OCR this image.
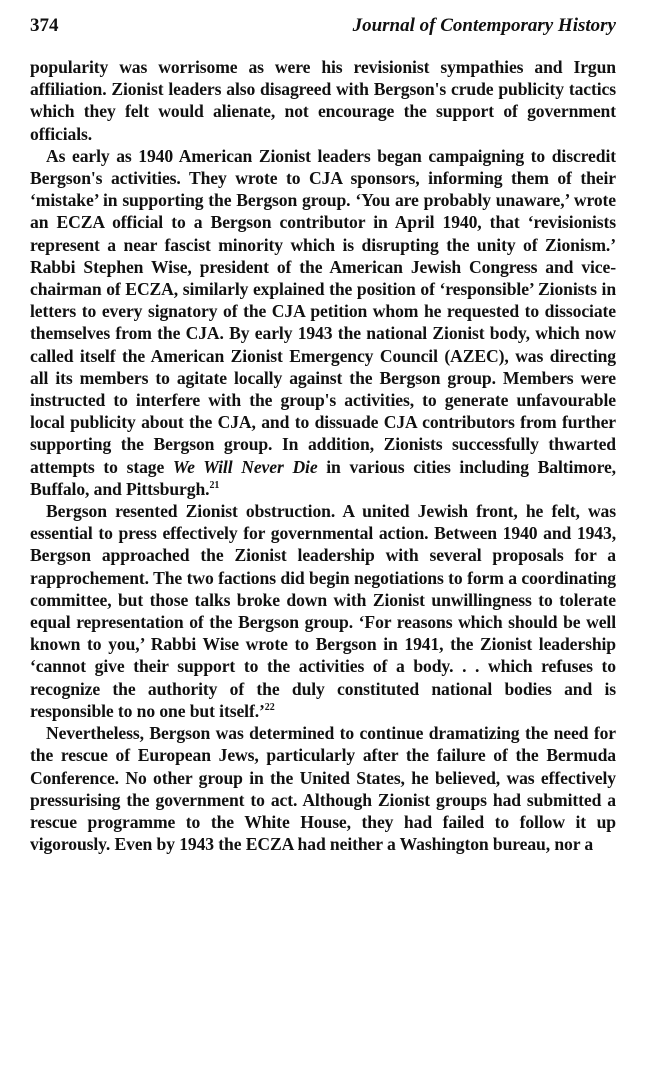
374	Journal of Contemporary History

popularity was worrisome as were his revisionist sympathies and Irgun affiliation. Zionist leaders also disagreed with Bergson's crude publicity tactics which they felt would alienate, not encourage the support of government officials.

As early as 1940 American Zionist leaders began campaigning to discredit Bergson's activities. They wrote to CJA sponsors, informing them of their ‘mistake’ in supporting the Bergson group. ‘You are probably unaware,’ wrote an ECZA official to a Bergson contributor in April 1940, that ‘revisionists represent a near fascist minority which is disrupting the unity of Zionism.’ Rabbi Stephen Wise, president of the American Jewish Congress and vice-chairman of ECZA, similarly explained the position of ‘responsible’ Zionists in letters to every signatory of the CJA petition whom he requested to dissociate themselves from the CJA. By early 1943 the national Zionist body, which now called itself the American Zionist Emergency Council (AZEC), was directing all its members to agitate locally against the Bergson group. Members were instructed to interfere with the group's activities, to generate unfavourable local publicity about the CJA, and to dissuade CJA contributors from further supporting the Bergson group. In addition, Zionists successfully thwarted attempts to stage We Will Never Die in various cities including Baltimore, Buffalo, and Pittsburgh.$^{21}$

Bergson resented Zionist obstruction. A united Jewish front, he felt, was essential to press effectively for governmental action. Between 1940 and 1943, Bergson approached the Zionist leadership with several proposals for a rapprochement. The two factions did begin negotiations to form a coordinating committee, but those talks broke down with Zionist unwillingness to tolerate equal representation of the Bergson group. ‘For reasons which should be well known to you,’ Rabbi Wise wrote to Bergson in 1941, the Zionist leadership ‘cannot give their support to the activities of a body. . . which refuses to recognize the authority of the duly constituted national bodies and is responsible to no one but itself.’$^{22}$

Nevertheless, Bergson was determined to continue dramatizing the need for the rescue of European Jews, particularly after the failure of the Bermuda Conference. No other group in the United States, he believed, was effectively pressurising the government to act. Although Zionist groups had submitted a rescue programme to the White House, they had failed to follow it up vigorously. Even by 1943 the ECZA had neither a Washington bureau, nor a
